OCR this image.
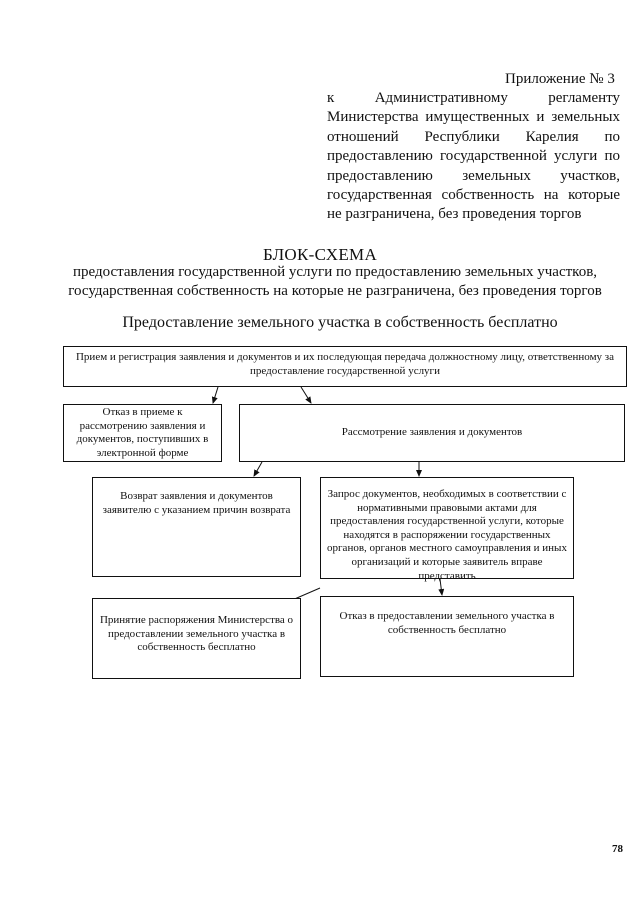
Приложение № 3
к Административному регламенту Министерства имущественных и земельных отношений Республики Карелия по предоставлению государственной услуги по предоставлению земельных участков, государственная собственность на которые не разграничена, без проведения торгов
БЛОК-СХЕМА
предоставления государственной услуги по предоставлению земельных участков, государственная собственность на которые не разграничена, без проведения торгов
Предоставление земельного участка в собственность бесплатно
Прием и регистрация заявления и документов и их последующая передача должностному лицу, ответственному за предоставление государственной услуги
Отказ в приеме к рассмотрению заявления и документов, поступивших в электронной форме
Рассмотрение заявления и документов
Возврат заявления и документов заявителю с указанием причин возврата
Запрос документов, необходимых в соответствии с нормативными правовыми актами для предоставления государственной услуги, которые находятся в распоряжении государственных органов, органов местного самоуправления и иных организаций и которые заявитель вправе представить
Принятие распоряжения Министерства о предоставлении земельного участка в собственность бесплатно
Отказ в предоставлении земельного участка в собственность бесплатно
78
